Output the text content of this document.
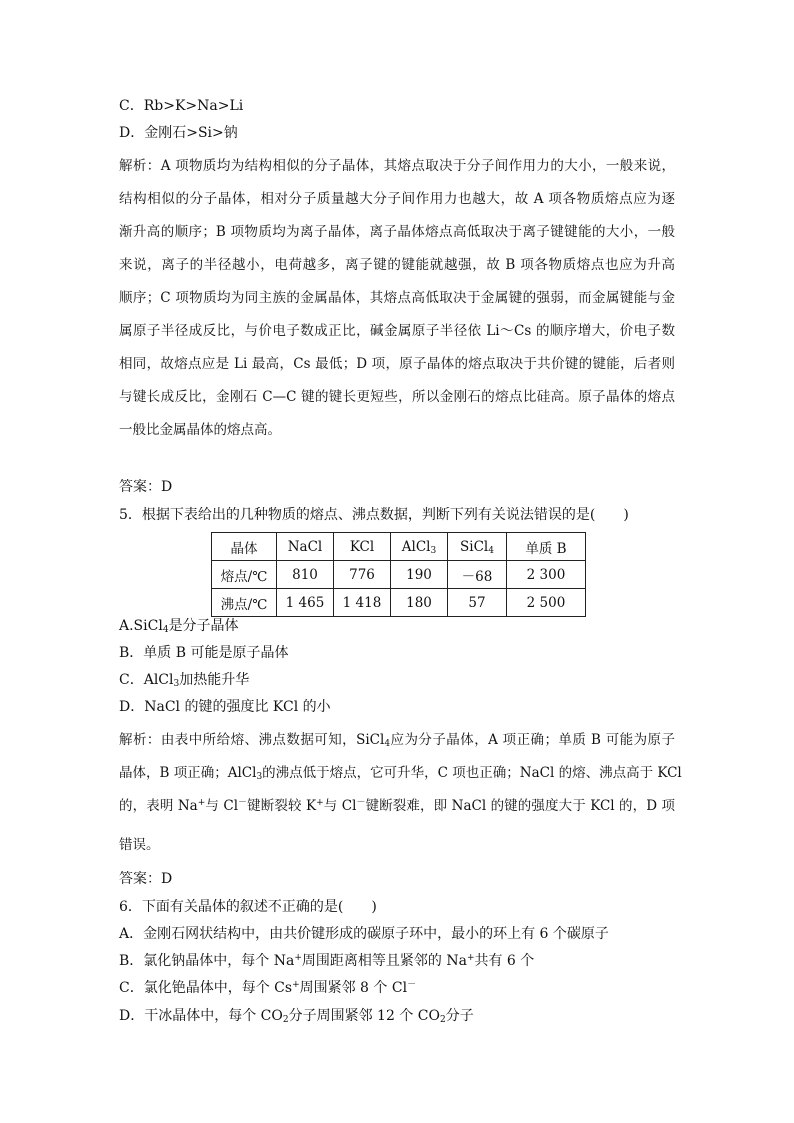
C．Rb>K>Na>Li
D．金刚石>Si>钠
解析：A 项物质均为结构相似的分子晶体，其熔点取决于分子间作用力的大小，一般来说，
结构相似的分子晶体，相对分子质量越大分子间作用力也越大，故 A 项各物质熔点应为逐
渐升高的顺序；B 项物质均为离子晶体，离子晶体熔点高低取决于离子键键能的大小，一般
来说，离子的半径越小，电荷越多，离子键的键能就越强，故 B 项各物质熔点也应为升高
顺序；C 项物质均为同主族的金属晶体，其熔点高低取决于金属键的强弱，而金属键能与金
属原子半径成反比，与价电子数成正比，碱金属原子半径依 Li～Cs 的顺序增大，价电子数
相同，故熔点应是 Li 最高，Cs 最低；D 项，原子晶体的熔点取决于共价键的键能，后者则
与键长成反比，金刚石 C—C 键的键长更短些，所以金刚石的熔点比硅高。原子晶体的熔点
一般比金属晶体的熔点高。
答案：D
5．根据下表给出的几种物质的熔点、沸点数据，判断下列有关说法错误的是(　　)
晶体	NaCl	KCl	AlCl$_3$	SiCl$_4$	单质 B
熔点/℃	810	776	190	－68	2 300
沸点/℃	1 465	1 418	180	57	2 500
A.SiCl$_4$是分子晶体
B．单质 B 可能是原子晶体
C．AlCl$_3$加热能升华
D．NaCl 的键的强度比 KCl 的小
解析：由表中所给熔、沸点数据可知，SiCl$_4$应为分子晶体，A 项正确；单质 B 可能为原子
晶体，B 项正确；AlCl$_3$的沸点低于熔点，它可升华，C 项也正确；NaCl 的熔、沸点高于 KCl
的，表明 Na+与 Cl－键断裂较 K+与 Cl－键断裂难，即 NaCl 的键的强度大于 KCl 的，D 项
错误。
答案：D
6．下面有关晶体的叙述不正确的是(　　)
A．金刚石网状结构中，由共价键形成的碳原子环中，最小的环上有 6 个碳原子
B．氯化钠晶体中，每个 Na+周围距离相等且紧邻的 Na+共有 6 个
C．氯化铯晶体中，每个 Cs+周围紧邻 8 个 Cl－
D．干冰晶体中，每个 $CO_2$分子周围紧邻 12 个 $CO_2$分子
